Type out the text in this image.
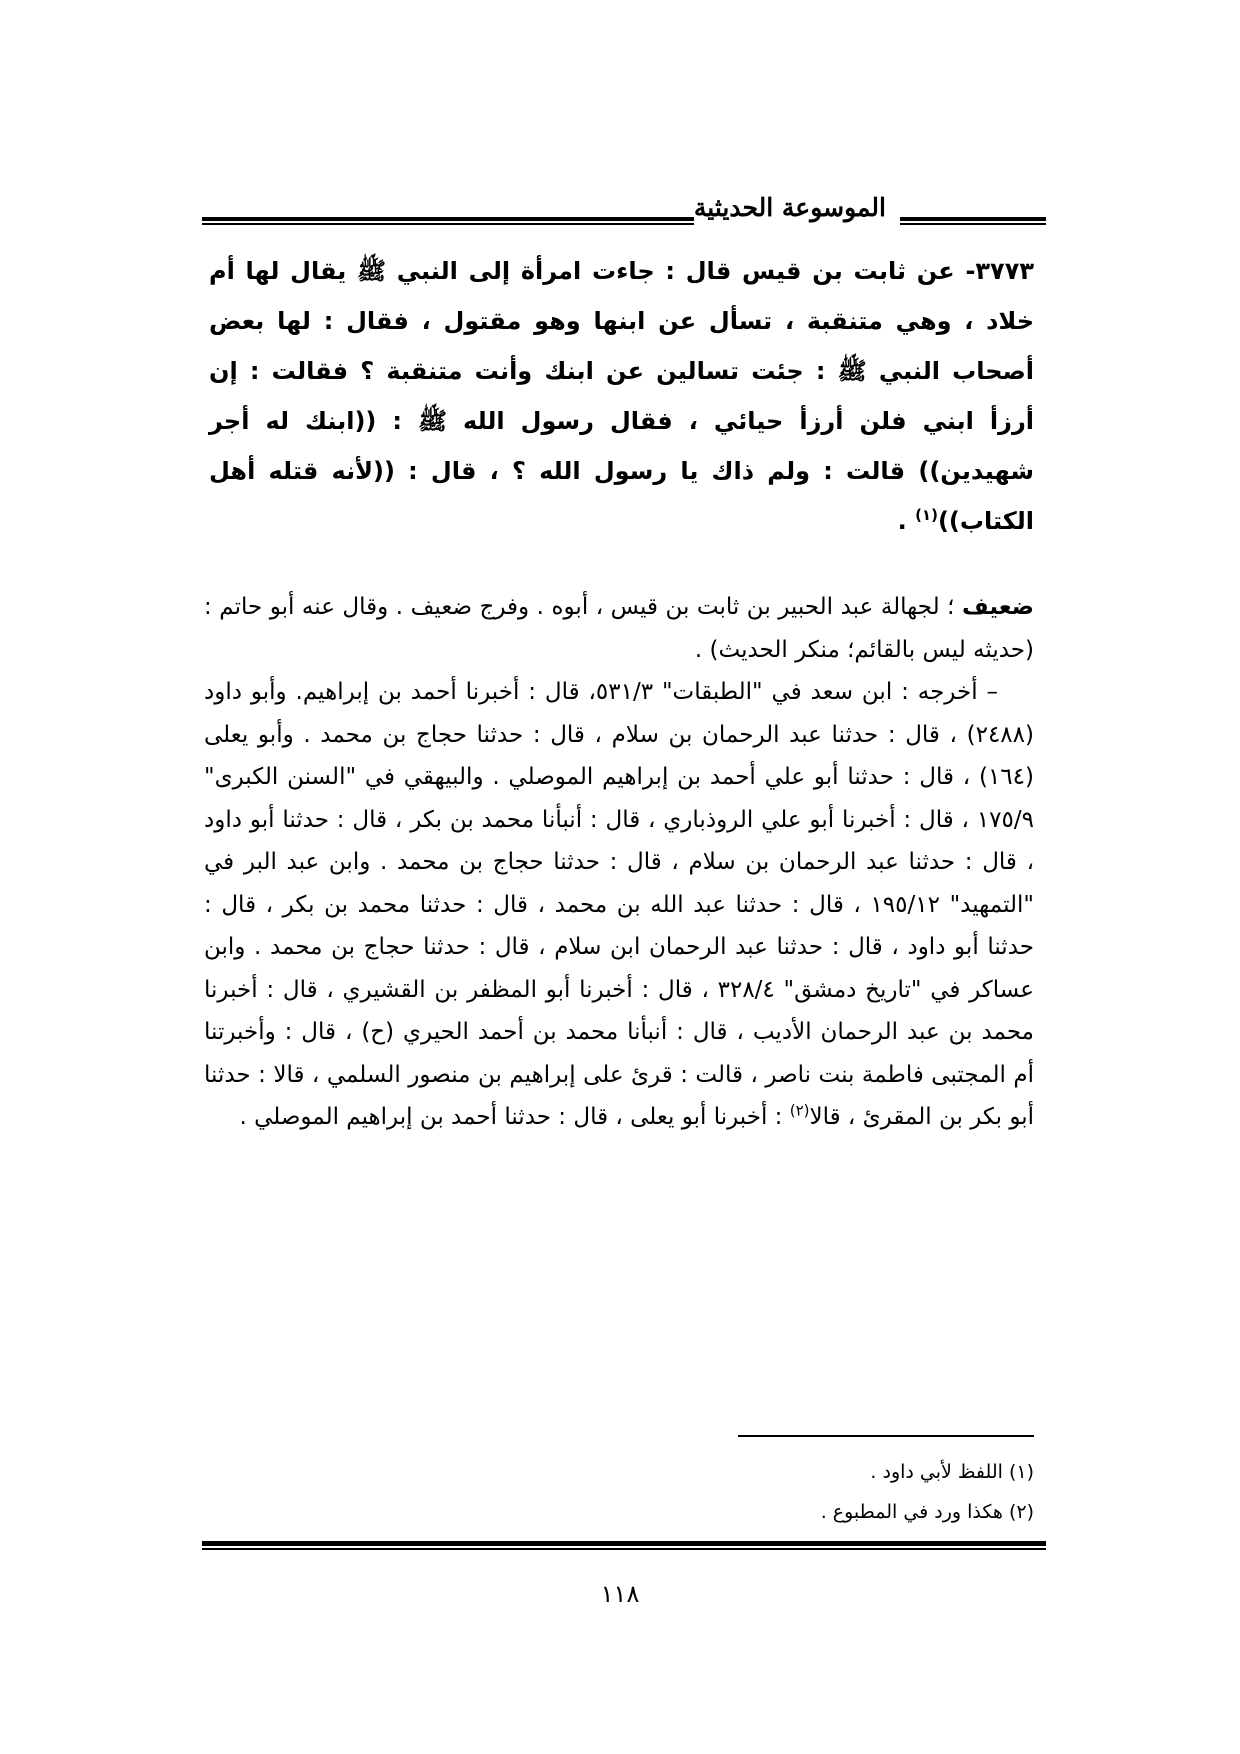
الموسوعة الحديثية

٣٧٧٣- عن ثابت بن قيس قال : جاءت امرأة إلى النبي ﷺ يقال لها أم خلاد ، وهي متنقبة ، تسأل عن ابنها وهو مقتول ، فقال : لها بعض أصحاب النبي ﷺ : جئت تسالين عن ابنك وأنت متنقبة ؟ فقالت : إن أرزأ ابني فلن أرزأ حيائي ، فقال رسول الله ﷺ : ((ابنك له أجر شهيدين)) قالت : ولم ذاك يا رسول الله ؟ ، قال : ((لأنه قتله أهل الكتاب))$^{(١)}$ .

ضعيف ؛ لجهالة عبد الحبير بن ثابت بن قيس ، أبوه . وفرج ضعيف . وقال عنه أبو حاتم : (حديثه ليس بالقائم؛ منكر الحديث) .

– أخرجه : ابن سعد في "الطبقات" ٥٣١/٣، قال : أخبرنا أحمد بن إبراهيم. وأبو داود (٢٤٨٨) ، قال : حدثنا عبد الرحمان بن سلام ، قال : حدثنا حجاج بن محمد . وأبو يعلى (١٦٤) ، قال : حدثنا أبو علي أحمد بن إبراهيم الموصلي . والبيهقي في "السنن الكبرى" ١٧٥/٩ ، قال : أخبرنا أبو علي الروذباري ، قال : أنبأنا محمد بن بكر ، قال : حدثنا أبو داود ، قال : حدثنا عبد الرحمان بن سلام ، قال : حدثنا حجاج بن محمد . وابن عبد البر في "التمهيد" ١٩٥/١٢ ، قال : حدثنا عبد الله بن محمد ، قال : حدثنا محمد بن بكر ، قال : حدثنا أبو داود ، قال : حدثنا عبد الرحمان ابن سلام ، قال : حدثنا حجاج بن محمد . وابن عساكر في "تاريخ دمشق" ٣٢٨/٤ ، قال : أخبرنا أبو المظفر بن القشيري ، قال : أخبرنا محمد بن عبد الرحمان الأديب ، قال : أنبأنا محمد بن أحمد الحيري (ح) ، قال : وأخبرتنا أم المجتبى فاطمة بنت ناصر ، قالت : قرئ على إبراهيم بن منصور السلمي ، قالا : حدثنا أبو بكر بن المقرئ ، قالا$^{(٢)}$ : أخبرنا أبو يعلى ، قال : حدثنا أحمد بن إبراهيم الموصلي .

(١) اللفظ لأبي داود .

(٢) هكذا ورد في المطبوع .

١١٨
